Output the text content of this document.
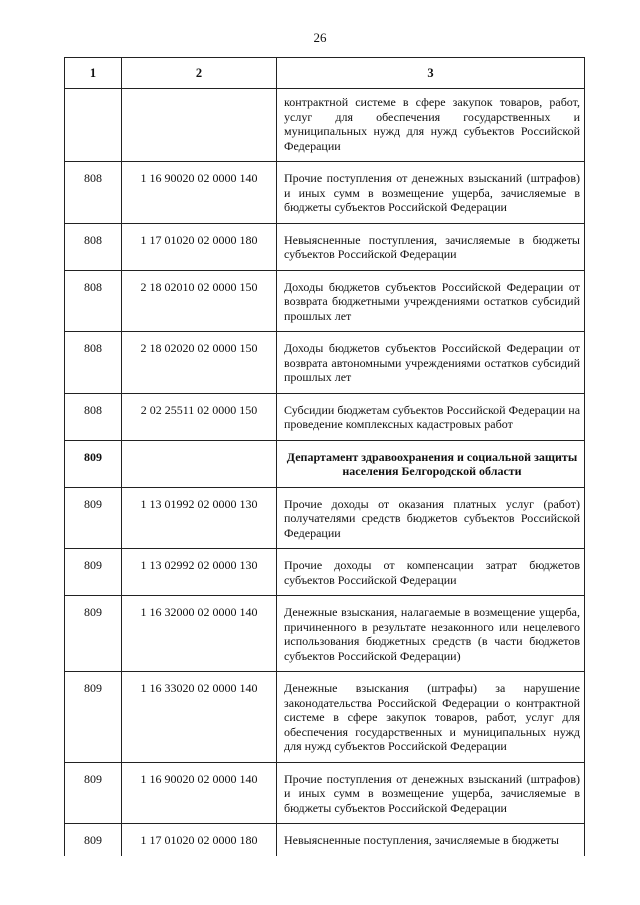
26
1	2	3
		контрактной системе в сфере закупок товаров, работ, услуг для обеспечения государственных и муниципальных нужд для нужд субъектов Российской Федерации
808	1 16 90020 02 0000 140	Прочие поступления от денежных взысканий (штрафов) и иных сумм в возмещение ущерба, зачисляемые в бюджеты субъектов Российской Федерации
808	1 17 01020 02 0000 180	Невыясненные поступления, зачисляемые в бюджеты субъектов Российской Федерации
808	2 18 02010 02 0000 150	Доходы бюджетов субъектов Российской Федерации от возврата бюджетными учреждениями остатков субсидий прошлых лет
808	2 18 02020 02 0000 150	Доходы бюджетов субъектов Российской Федерации от возврата автономными учреждениями остатков субсидий прошлых лет
808	2 02 25511 02 0000 150	Субсидии бюджетам субъектов Российской Федерации на проведение комплексных кадастровых работ
809		Департамент здравоохранения и социальной защиты населения Белгородской области
809	1 13 01992 02 0000 130	Прочие доходы от оказания платных услуг (работ) получателями средств бюджетов субъектов Российской Федерации
809	1 13 02992 02 0000 130	Прочие доходы от компенсации затрат бюджетов субъектов Российской Федерации
809	1 16 32000 02 0000 140	Денежные взыскания, налагаемые в возмещение ущерба, причиненного в результате незаконного или нецелевого использования бюджетных средств (в части бюджетов субъектов Российской Федерации)
809	1 16 33020 02 0000 140	Денежные взыскания (штрафы) за нарушение законодательства Российской Федерации о контрактной системе в сфере закупок товаров, работ, услуг для обеспечения государственных и муниципальных нужд для нужд субъектов Российской Федерации
809	1 16 90020 02 0000 140	Прочие поступления от денежных взысканий (штрафов) и иных сумм в возмещение ущерба, зачисляемые в бюджеты субъектов Российской Федерации
809	1 17 01020 02 0000 180	Невыясненные поступления, зачисляемые в бюджеты
